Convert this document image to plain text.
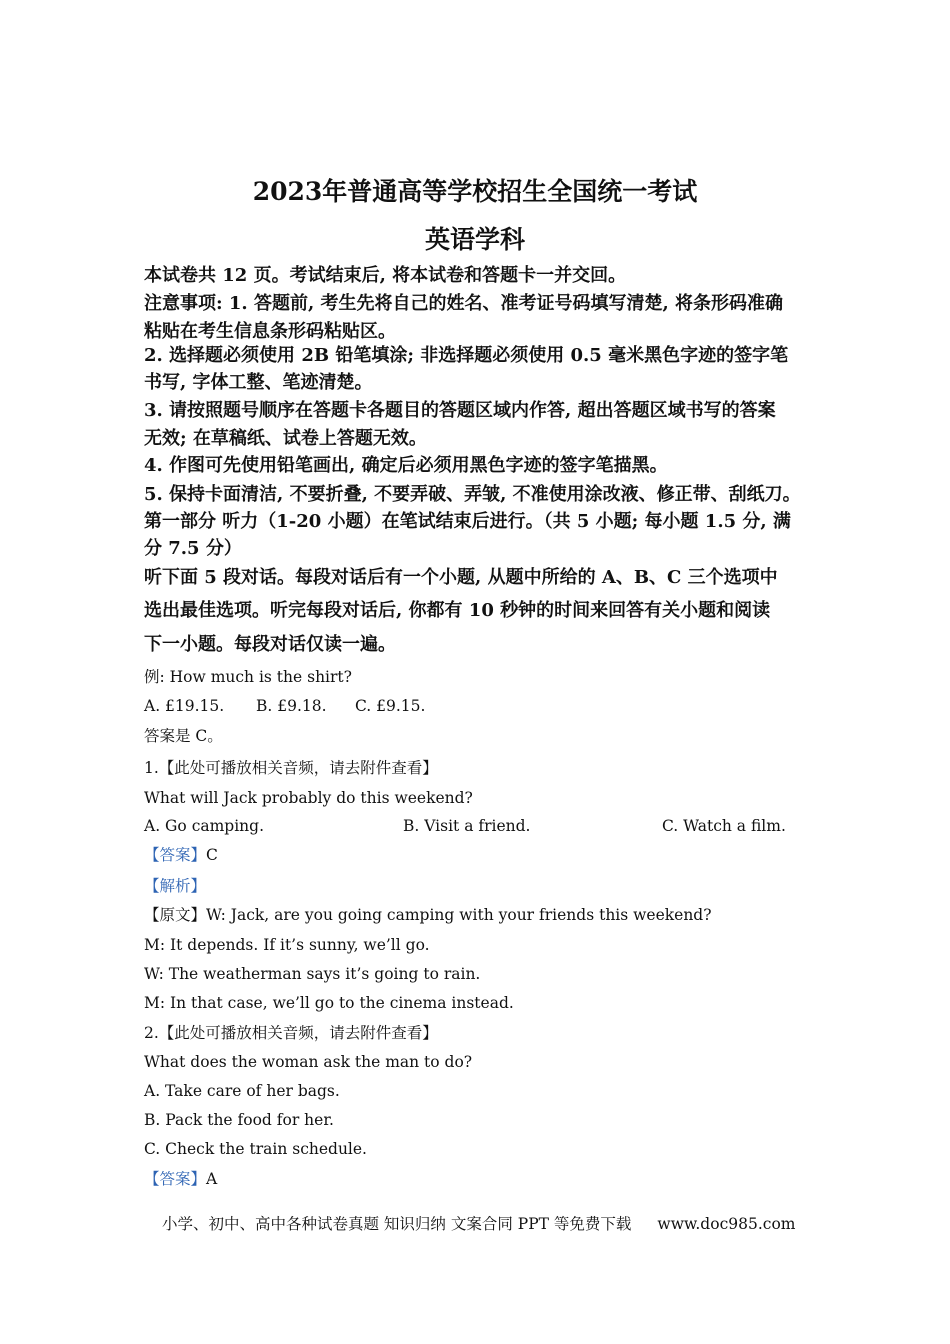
2023年普通高等学校招生全国统一考试
英语学科
本试卷共 12 页。考试结束后, 将本试卷和答题卡一并交回。
注意事项: 1. 答题前, 考生先将自己的姓名、准考证号码填写清楚, 将条形码准确
粘贴在考生信息条形码粘贴区。
2. 选择题必须使用 2B 铅笔填涂; 非选择题必须使用 0.5 毫米黑色字迹的签字笔
书写, 字体工整、笔迹清楚。
3. 请按照题号顺序在答题卡各题目的答题区域内作答, 超出答题区域书写的答案
无效; 在草稿纸、试卷上答题无效。
4. 作图可先使用铅笔画出, 确定后必须用黑色字迹的签字笔描黑。
5. 保持卡面清洁, 不要折叠, 不要弄破、弄皱, 不准使用涂改液、修正带、刮纸刀。
第一部分 听力（1-20 小题）在笔试结束后进行。（共 5 小题; 每小题 1.5 分, 满
分 7.5 分）
听下面 5 段对话。每段对话后有一个小题, 从题中所给的 A、B、C 三个选项中
选出最佳选项。听完每段对话后, 你都有 10 秒钟的时间来回答有关小题和阅读
下一小题。每段对话仅读一遍。
例: How much is the shirt?
A. £19.15. B. £9.18. C. £9.15.
答案是 C。
1.【此处可播放相关音频，请去附件查看】
What will Jack probably do this weekend?
A. Go camping.	B. Visit a friend.	C. Watch a film.
【答案】C
【解析】
【原文】W: Jack, are you going camping with your friends this weekend?
M: It depends. If it’s sunny, we’ll go.
W: The weatherman says it’s going to rain.
M: In that case, we’ll go to the cinema instead.
2.【此处可播放相关音频，请去附件查看】
What does the woman ask the man to do?
A. Take care of her bags.
B. Pack the food for her.
C. Check the train schedule.
【答案】A
小学、初中、高中各种试卷真题 知识归纳 文案合同 PPT 等免费下载 www.doc985.com
